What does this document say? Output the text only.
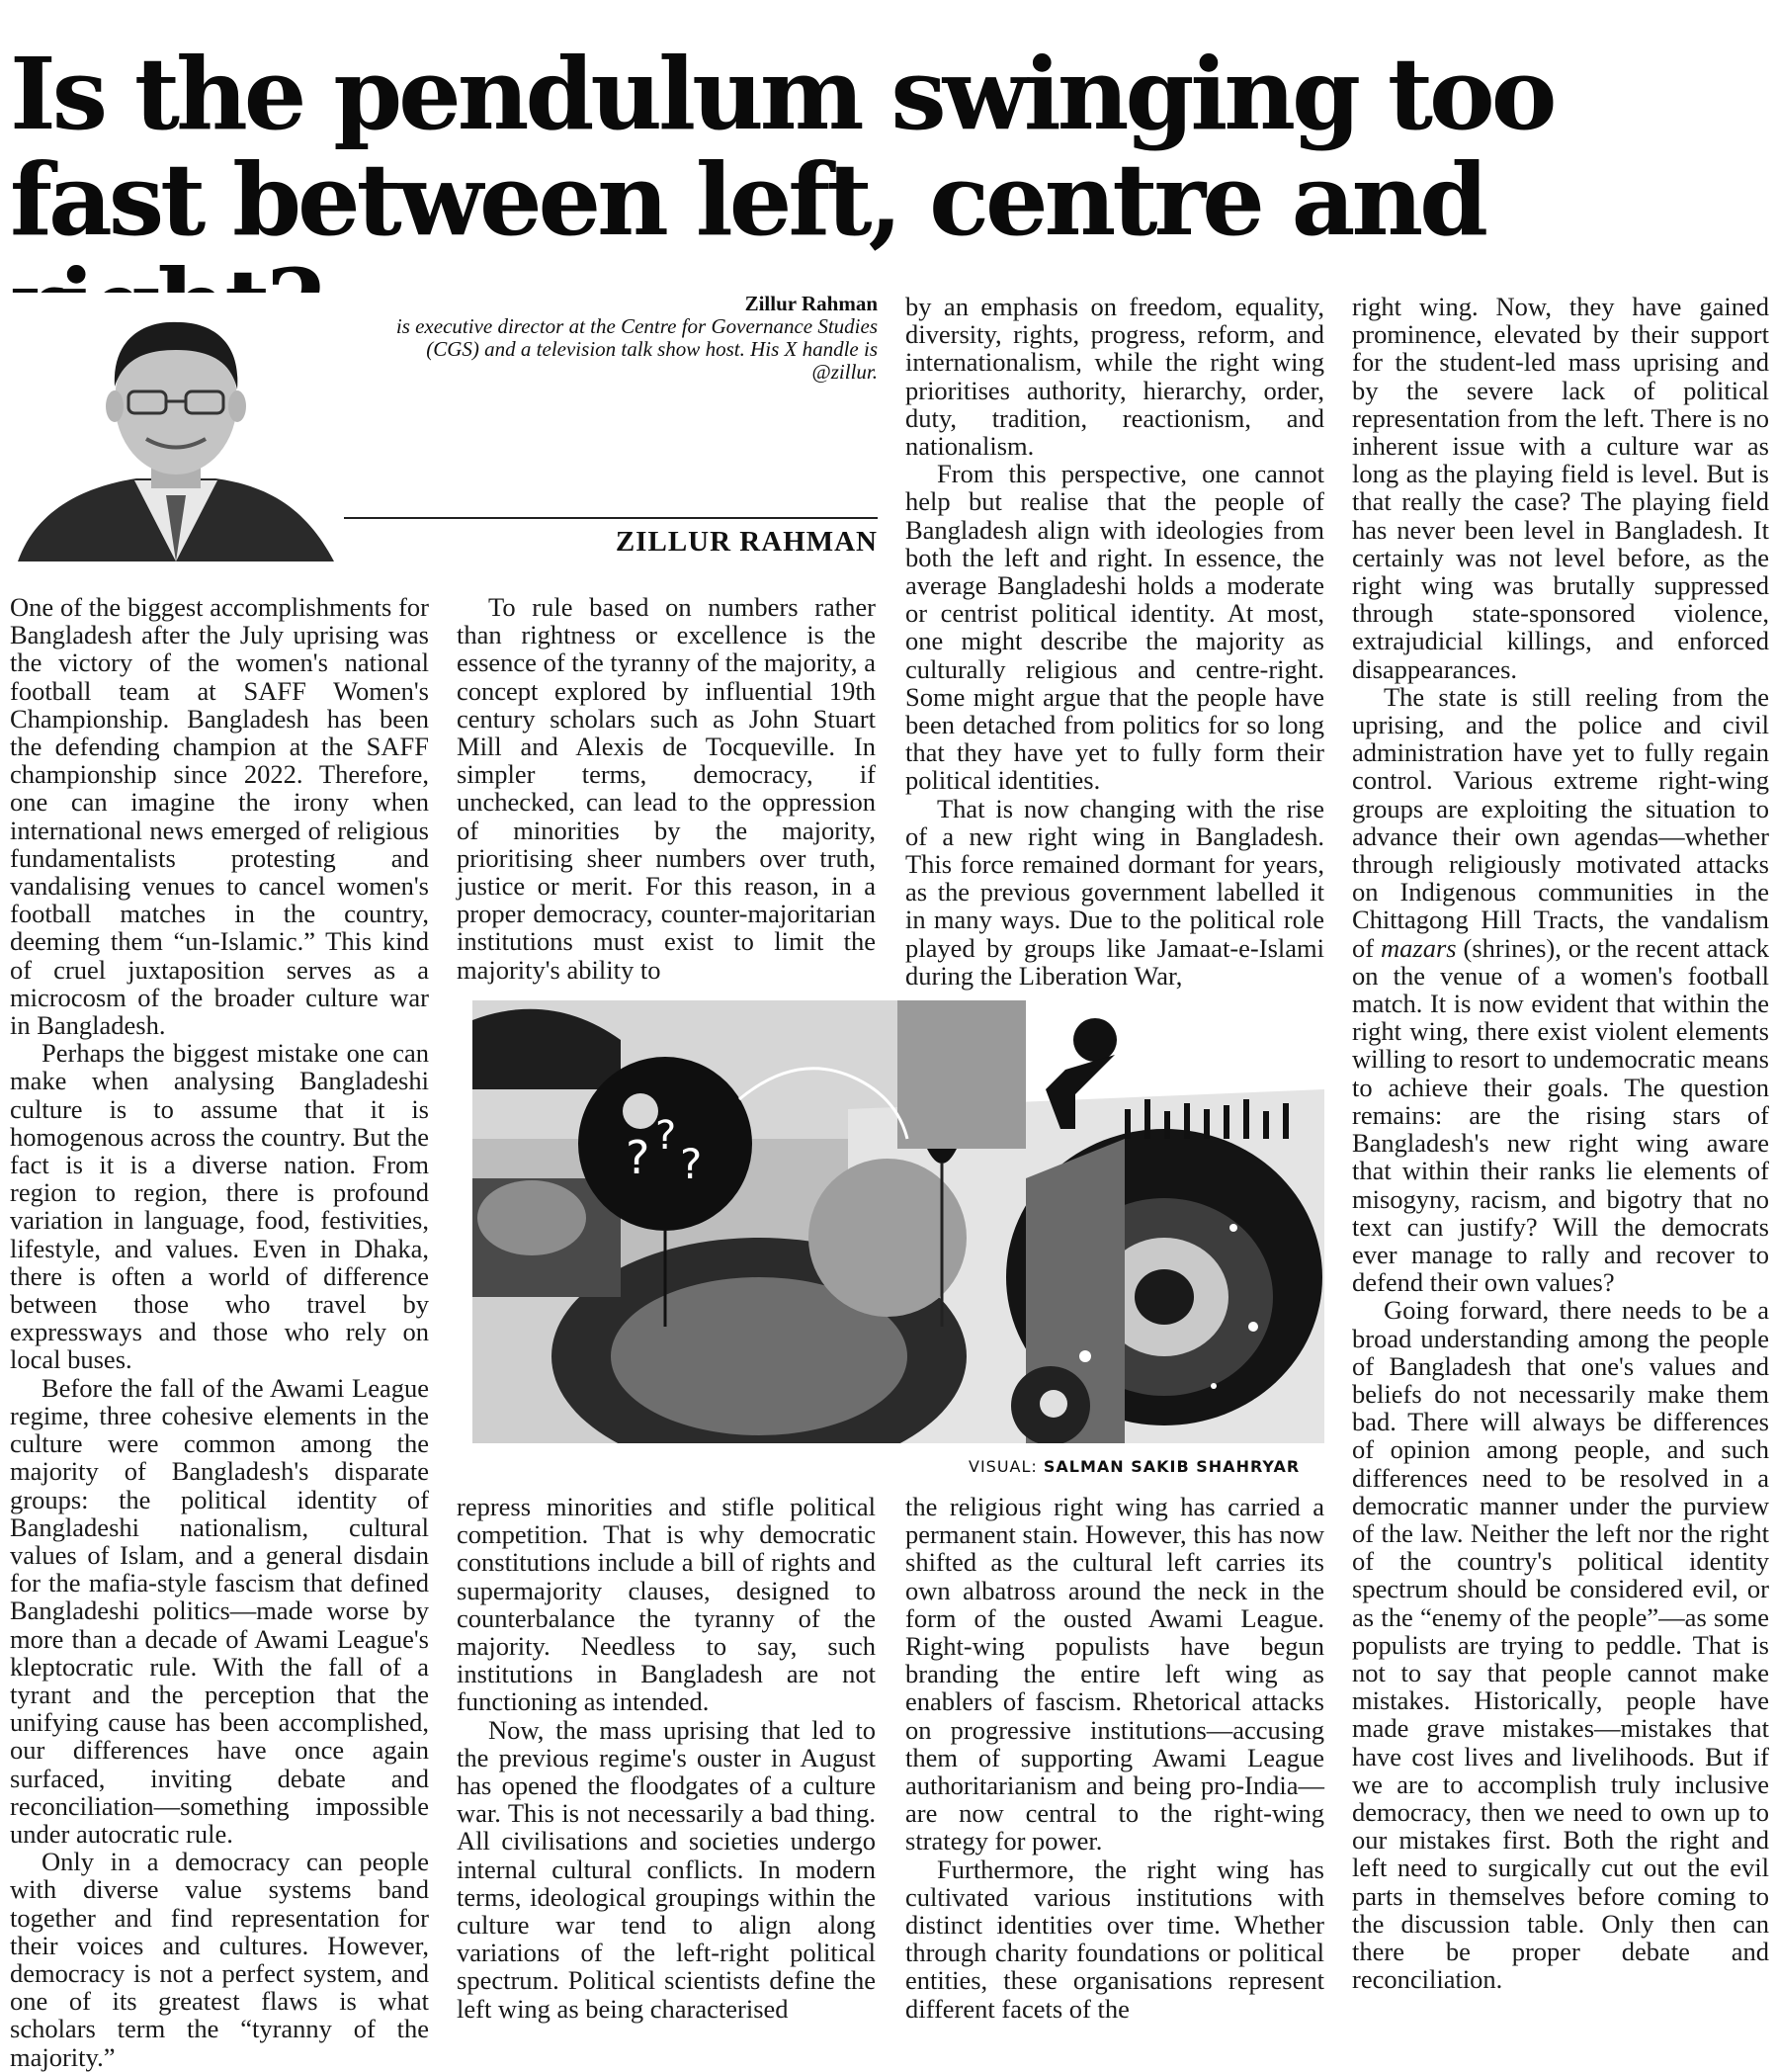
Is the pendulum swinging too fast between left, centre and
Zillur Rahman
is executive director at the Centre for Governance Studies (CGS) and a television talk show host. His X handle is @zillur.
ZILLUR RAHMAN

One of the biggest accomplishments for Bangladesh after the July uprising was the victory of the women's national football team at SAFF Women's Championship. Bangladesh has been the defending champion at the SAFF championship since 2022. Therefore, one can imagine the irony when international news emerged of religious fundamentalists protesting and vandalising venues to cancel women's football matches in the country, deeming them “un-Islamic.” This kind of cruel juxtaposition serves as a microcosm of the broader culture war in Bangladesh.

Perhaps the biggest mistake one can make when analysing Bangladeshi culture is to assume that it is homogenous across the country. But the fact is it is a diverse nation. From region to region, there is profound variation in language, food, festivities, lifestyle, and values. Even in Dhaka, there is often a world of difference between those who travel by expressways and those who rely on local buses.

Before the fall of the Awami League regime, three cohesive elements in the culture were common among the majority of Bangladesh's disparate groups: the political identity of Bangladeshi nationalism, cultural values of Islam, and a general disdain for the mafia-style fascism that defined Bangladeshi politics—made worse by more than a decade of Awami League's kleptocratic rule. With the fall of a tyrant and the perception that the unifying cause has been accomplished, our differences have once again surfaced, inviting debate and reconciliation—something impossible under autocratic rule.

Only in a democracy can people with diverse value systems band together and find representation for their voices and cultures. However, democracy is not a perfect system, and one of its greatest flaws is what scholars term the “tyranny of the majority.”

To rule based on numbers rather than rightness or excellence is the essence of the tyranny of the majority, a concept explored by influential 19th century scholars such as John Stuart Mill and Alexis de Tocqueville. In simpler terms, democracy, if unchecked, can lead to the oppression of minorities by the majority, prioritising sheer numbers over truth, justice or merit. For this reason, in a proper democracy, counter-majoritarian institutions must exist to limit the majority's ability to

by an emphasis on freedom, equality, diversity, rights, progress, reform, and internationalism, while the right wing prioritises authority, hierarchy, order, duty, tradition, reactionism, and nationalism.

From this perspective, one cannot help but realise that the people of Bangladesh align with ideologies from both the left and right. In essence, the average Bangladeshi holds a moderate or centrist political identity. At most, one might describe the majority as culturally religious and centre-right. Some might argue that the people have been detached from politics for so long that they have yet to fully form their political identities.

That is now changing with the rise of a new right wing in Bangladesh. This force remained dormant for years, as the previous government labelled it in many ways. Due to the political role played by groups like Jamaat-e-Islami during the Liberation War,

right wing. Now, they have gained prominence, elevated by their support for the student-led mass uprising and by the severe lack of political representation from the left. There is no inherent issue with a culture war as long as the playing field is level. But is that really the case? The playing field has never been level in Bangladesh. It certainly was not level before, as the right wing was brutally suppressed through state-sponsored violence, extrajudicial killings, and enforced disappearances.

The state is still reeling from the uprising, and the police and civil administration have yet to fully regain control. Various extreme right-wing groups are exploiting the situation to advance their own agendas—whether through religiously motivated attacks on Indigenous communities in the Chittagong Hill Tracts, the vandalism of mazars (shrines), or the recent attack on the venue of a women's football match. It is now evident that within the right wing, there exist violent elements willing to resort to undemocratic means to achieve their goals. The question remains: are the rising stars of Bangladesh's new right wing aware that within their ranks lie elements of misogyny, racism, and bigotry that no text can justify? Will the democrats ever manage to rally and recover to defend their own values?

Going forward, there needs to be a broad understanding among the people of Bangladesh that one's values and beliefs do not necessarily make them bad. There will always be differences of opinion among people, and such differences need to be resolved in a democratic manner under the purview of the law. Neither the left nor the right of the country's political identity spectrum should be considered evil, or as the “enemy of the people”—as some populists are trying to peddle. That is not to say that people cannot make mistakes. Historically, people have made grave mistakes—mistakes that have cost lives and livelihoods. But if we are to accomplish truly inclusive democracy, then we need to own up to our mistakes first. Both the right and left need to surgically cut out the evil parts in themselves before coming to the discussion table. Only then can there be proper debate and reconciliation.

? ?
?
VISUAL: SALMAN SAKIB SHAHRYAR

repress minorities and stifle political competition. That is why democratic constitutions include a bill of rights and supermajority clauses, designed to counterbalance the tyranny of the majority. Needless to say, such institutions in Bangladesh are not functioning as intended.

Now, the mass uprising that led to the previous regime's ouster in August has opened the floodgates of a culture war. This is not necessarily a bad thing. All civilisations and societies undergo internal cultural conflicts. In modern terms, ideological groupings within the culture war tend to align along variations of the left-right political spectrum. Political scientists define the left wing as being characterised

the religious right wing has carried a permanent stain. However, this has now shifted as the cultural left carries its own albatross around the neck in the form of the ousted Awami League. Right-wing populists have begun branding the entire left wing as enablers of fascism. Rhetorical attacks on progressive institutions—accusing them of supporting Awami League authoritarianism and being pro-India—are now central to the right-wing strategy for power.

Furthermore, the right wing has cultivated various institutions with distinct identities over time. Whether through charity foundations or political entities, these organisations represent different facets of the
